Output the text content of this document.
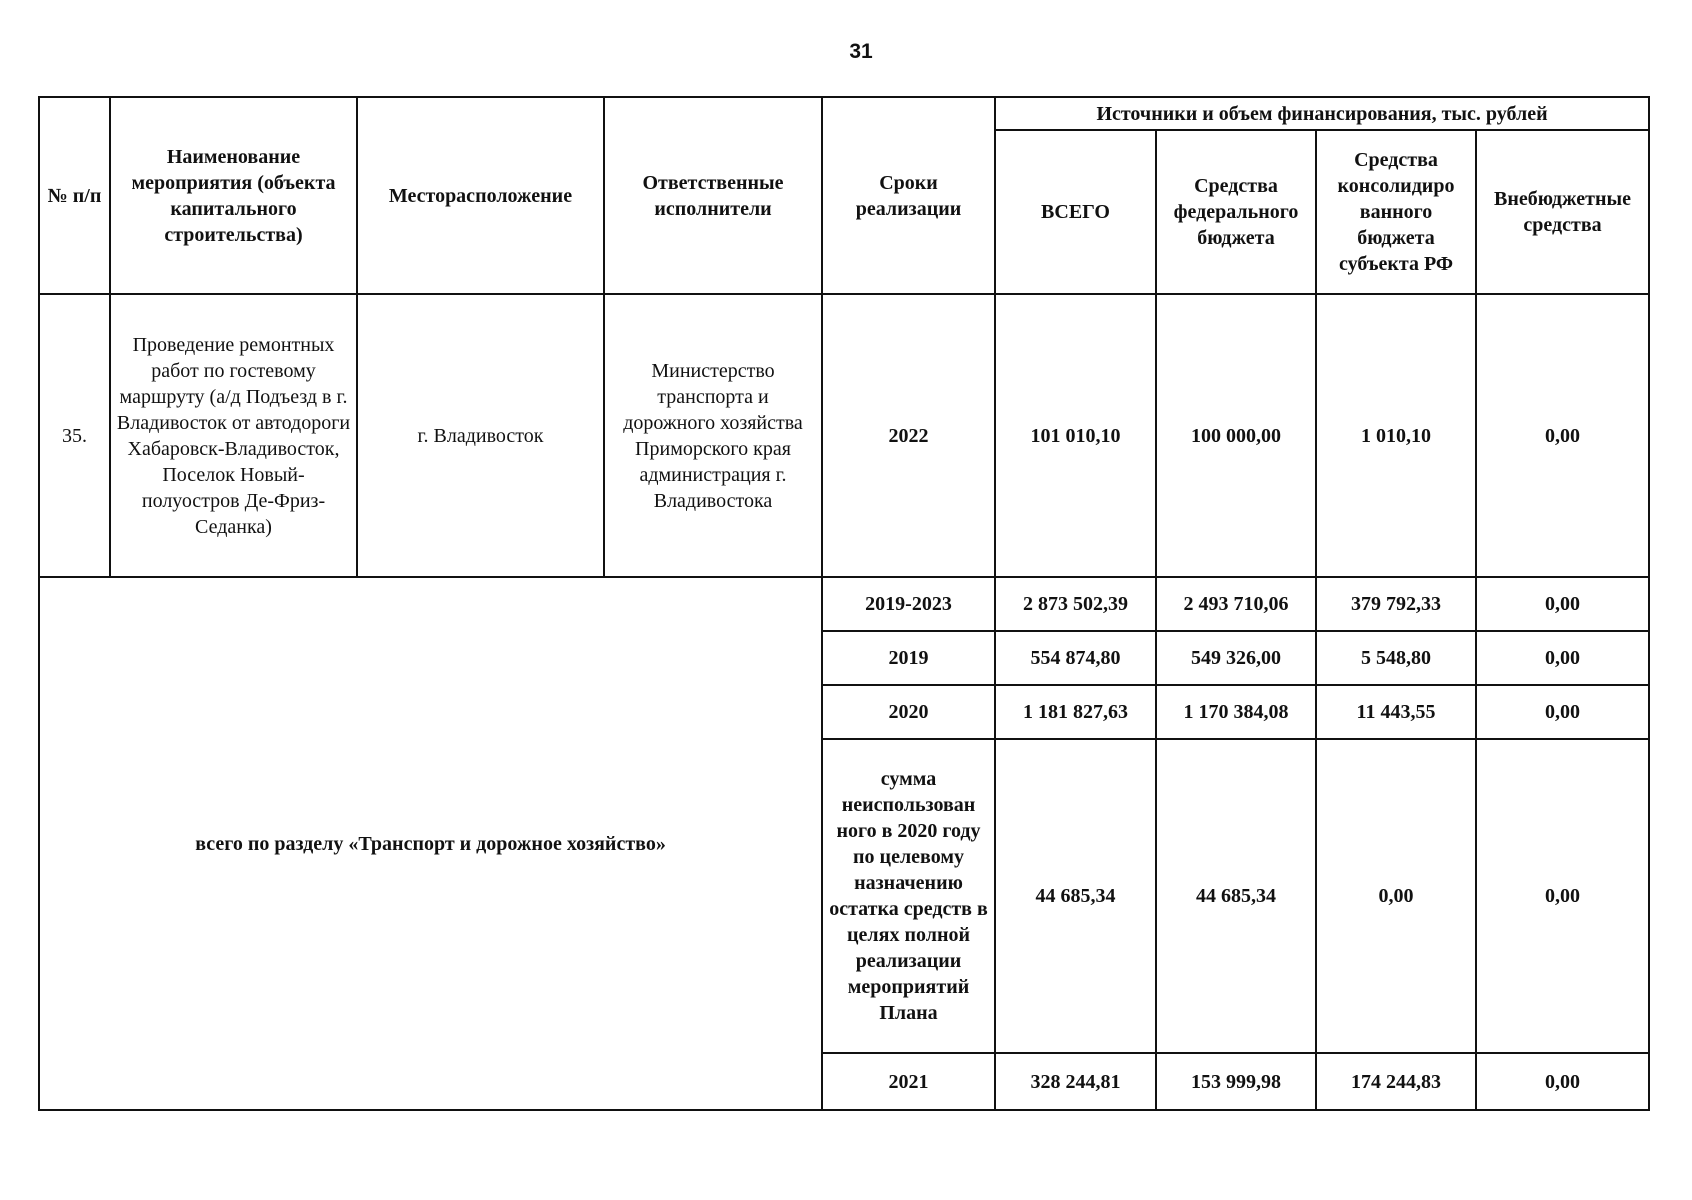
31
№ п/п	Наименование мероприятия (объекта капитального строительства)	Месторасположение	Ответственные исполнители	Сроки реализации	Источники и объем финансирования, тыс. рублей			
					ВСЕГО	Средства федерального бюджета	Средства консолидиро ванного бюджета субъекта РФ	Внебюджетные средства
35.	Проведение ремонтных работ по гостевому маршруту (а/д Подъезд в г. Владивосток от автодороги Хабаровск-Владивосток, Поселок Новый-полуостров Де-Фриз-Седанка)	г. Владивосток	Министерство транспорта и дорожного хозяйства Приморского края администрация г. Владивостока	2022	101 010,10	100 000,00	1 010,10	0,00
всего по разделу «Транспорт и дорожное хозяйство»				2019-2023	2 873 502,39	2 493 710,06	379 792,33	0,00
				2019	554 874,80	549 326,00	5 548,80	0,00
				2020	1 181 827,63	1 170 384,08	11 443,55	0,00
				сумма неиспользован ного в 2020 году по целевому назначению остатка средств в целях полной реализации мероприятий Плана	44 685,34	44 685,34	0,00	0,00
				2021	328 244,81	153 999,98	174 244,83	0,00
